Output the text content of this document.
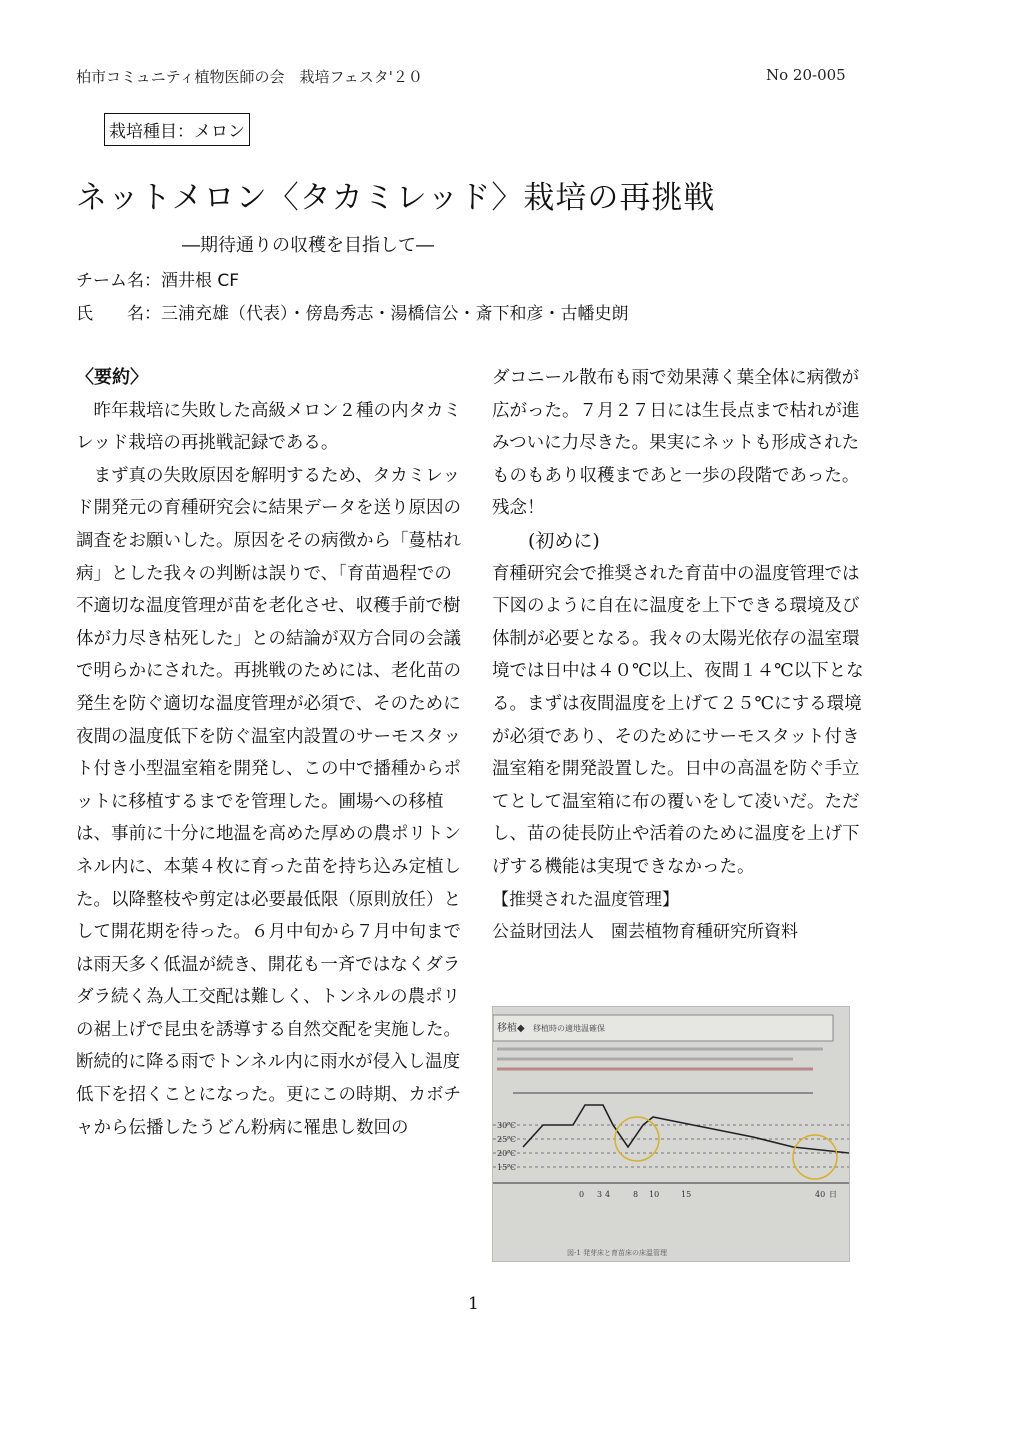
柏市コミュニティ植物医師の会　栽培フェスタ'２０	No 20-005
栽培種目：メロン
ネットメロン〈タカミレッド〉栽培の再挑戦
―期待通りの収穫を目指して―
チーム名：酒井根 CF
氏　　名：三浦充雄（代表）・傍島秀志・湯橋信公・斎下和彦・古幡史朗

〈要約〉

　昨年栽培に失敗した高級メロン２種の内タカミレッド栽培の再挑戦記録である。

　まず真の失敗原因を解明するため、タカミレッド開発元の育種研究会に結果データを送り原因の調査をお願いした。原因をその病徴から「蔓枯れ病」とした我々の判断は誤りで、「育苗過程での不適切な温度管理が苗を老化させ、収穫手前で樹体が力尽き枯死した」との結論が双方合同の会議で明らかにされた。再挑戦のためには、老化苗の発生を防ぐ適切な温度管理が必須で、そのために夜間の温度低下を防ぐ温室内設置のサーモスタット付き小型温室箱を開発し、この中で播種からポットに移植するまでを管理した。圃場への移植は、事前に十分に地温を高めた厚めの農ポリトンネル内に、本葉４枚に育った苗を持ち込み定植した。以降整枝や剪定は必要最低限（原則放任）として開花期を待った。６月中旬から７月中旬までは雨天多く低温が続き、開花も一斉ではなくダラダラ続く為人工交配は難しく、トンネルの農ポリの裾上げで昆虫を誘導する自然交配を実施した。断続的に降る雨でトンネル内に雨水が侵入し温度低下を招くことになった。更にこの時期、カボチャから伝播したうどん粉病に罹患し数回の

ダコニール散布も雨で効果薄く葉全体に病徴が広がった。７月２７日には生長点まで枯れが進みついに力尽きた。果実にネットも形成されたものもあり収穫まであと一歩の段階であった。残念！

(初めに)

育種研究会で推奨された育苗中の温度管理では下図のように自在に温度を上下できる環境及び体制が必要となる。我々の太陽光依存の温室環境では日中は４０℃以上、夜間１４℃以下となる。まずは夜間温度を上げて２５℃にする環境が必須であり、そのためにサーモスタット付き温室箱を開発設置した。日中の高温を防ぐ手立てとして温室箱に布の覆いをして凌いだ。ただし、苗の徒長防止や活着のために温度を上げ下げする機能は実現できなかった。

【推奨された温度管理】

公益財団法人　園芸植物育種研究所資料

移植◆ 移植時の適地温確保
30℃
25℃
20℃
15℃
0 3 4	8 10	15	40 日
図-1 発芽床と育苗床の床温管理
1
